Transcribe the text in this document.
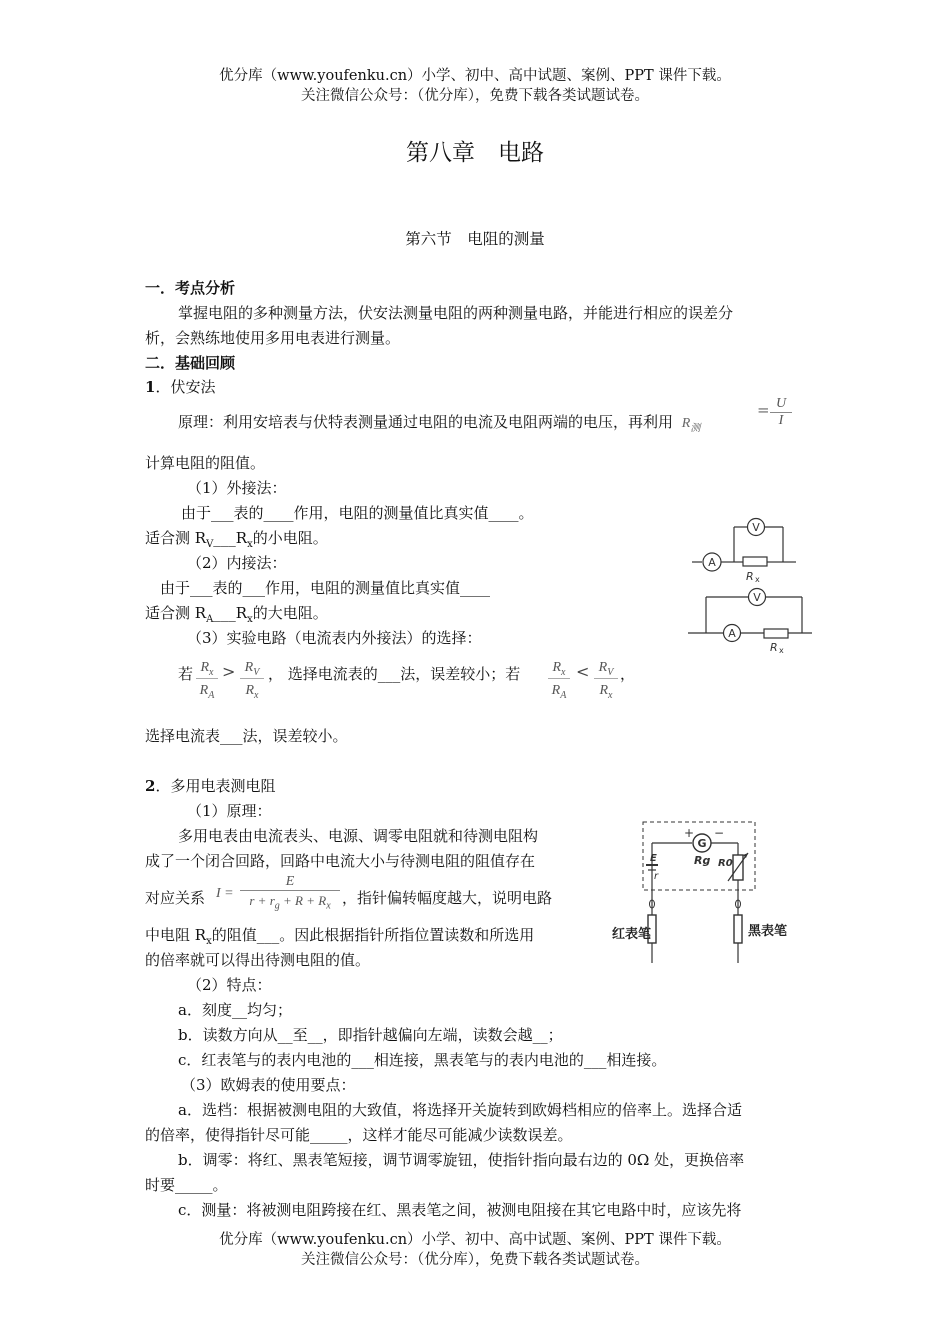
优分库（www.youfenku.cn）小学、初中、高中试题、案例、PPT 课件下载。
关注微信公众号：（优分库），免费下载各类试题试卷。
第八章　电路
第六节　电阻的测量
一．考点分析
掌握电阻的多种测量方法，伏安法测量电阻的两种测量电路，并能进行相应的误差分
析，会熟练地使用多用电表进行测量。
二．基础回顾
1．伏安法
原理：利用安培表与伏特表测量通过电阻的电流及电阻两端的电压，再利用 $R_测$
= U
I
计算电阻的阻值。
（1）外接法：
由于___表的____作用，电阻的测量值比真实值____。
适合测 $R_V\_\_\_R_x$的小电阻。
（2）内接法：
由于___表的___作用，电阻的测量值比真实值____
适合测 $R_A\_\_\_R_x$的大电阻。
（3）实验电路（电流表内外接法）的选择：
若 $R_x$
$R_A$
> $R_V$
$R_x$
， 选择电流表的___法，误差较小；若	$R_x$
$R_A$
< $R_V$
$R_x$
，
选择电流表___法，误差较小。
A
V
R x
V
A
R x
2．多用电表测电阻
（1）原理：
多用电表由电流表头、电源、调零电阻就和待测电阻构
成了一个闭合回路，回路中电流大小与待测电阻的阻值存在
对应关系 I =
E
$r + r_g + R + R_x$ ，指针偏转幅度越大，说明电路
中电阻 $R_x$的阻值___。因此根据指针所指位置读数和所选用
的倍率就可以得出待测电阻的值。
G
+ −
Rg R0
E
r
红表笔	黑表笔
（2）特点：
a．刻度__均匀；
b．读数方向从__至__，即指针越偏向左端，读数会越__；
c．红表笔与的表内电池的___相连接，黑表笔与的表内电池的___相连接。
（3）欧姆表的使用要点：
a．选档：根据被测电阻的大致值，将选择开关旋转到欧姆档相应的倍率上。选择合适
的倍率，使得指针尽可能_____，这样才能尽可能减少读数误差。
b．调零：将红、黑表笔短接，调节调零旋钮，使指针指向最右边的 0Ω 处，更换倍率
时要_____。
c．测量：将被测电阻跨接在红、黑表笔之间，被测电阻接在其它电路中时，应该先将
优分库（www.youfenku.cn）小学、初中、高中试题、案例、PPT 课件下载。
关注微信公众号：（优分库），免费下载各类试题试卷。
